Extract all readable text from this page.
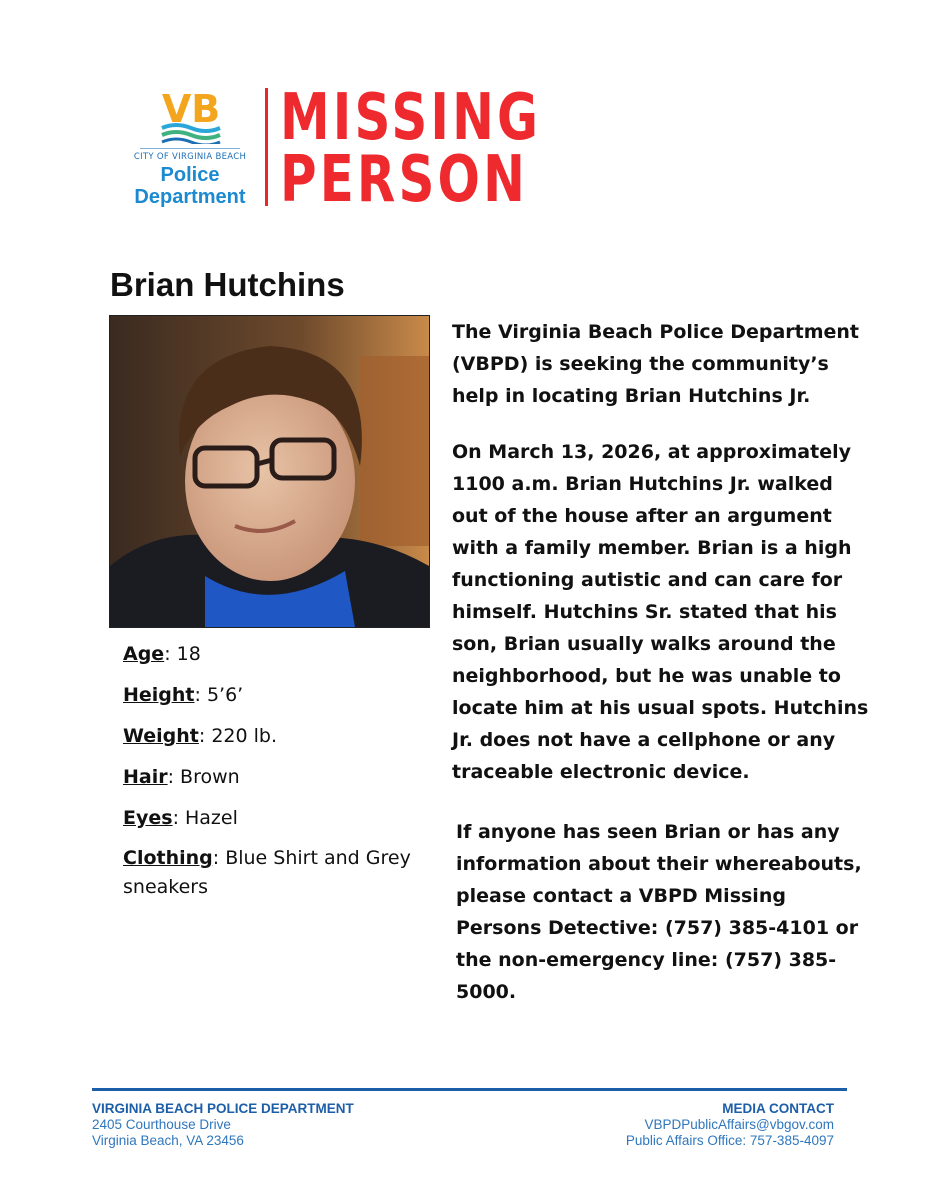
VB
CITY OF VIRGINIA BEACH
Police
Department
MISSING
PERSON
Brian Hutchins
Age: 18
Height: 5’6’
Weight: 220 lb.
Hair: Brown
Eyes: Hazel
Clothing: Blue Shirt and Grey sneakers
The Virginia Beach Police Department (VBPD) is seeking the community’s help in locating Brian Hutchins Jr.
On March 13, 2026, at approximately 1100 a.m. Brian Hutchins Jr. walked out of the house after an argument with a family member. Brian is a high functioning autistic and can care for himself. Hutchins Sr. stated that his son, Brian usually walks around the neighborhood, but he was unable to locate him at his usual spots. Hutchins Jr. does not have a cellphone or any traceable electronic device.
If anyone has seen Brian or has any information about their whereabouts, please contact a VBPD Missing Persons Detective: (757) 385-4101 or the non-emergency line: (757) 385-5000.
VIRGINIA BEACH POLICE DEPARTMENT
2405 Courthouse Drive
Virginia Beach, VA 23456
MEDIA CONTACT
VBPDPublicAffairs@vbgov.com
Public Affairs Office: 757-385-4097
